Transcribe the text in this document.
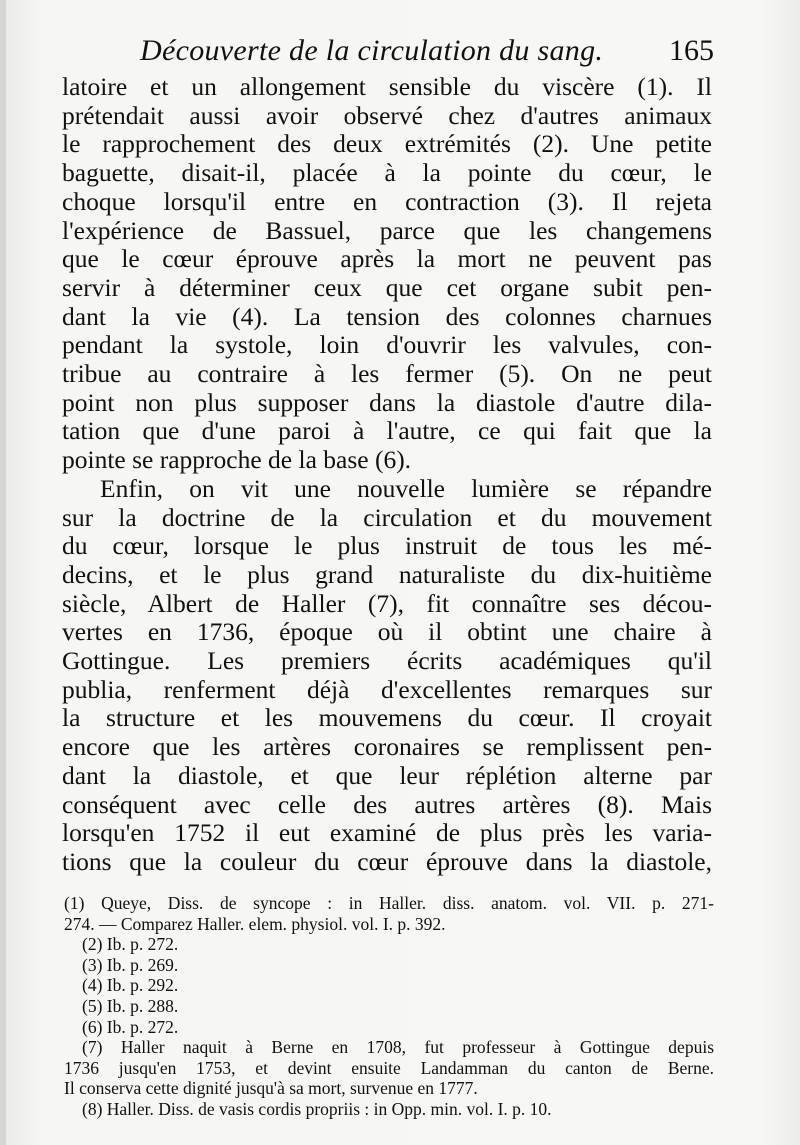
Découverte de la circulation du sang. 165
latoire et un allongement sensible du viscère (1). Il
prétendait aussi avoir observé chez d'autres animaux
le rapprochement des deux extrémités (2). Une petite
baguette, disait-il, placée à la pointe du cœur, le
choque lorsqu'il entre en contraction (3). Il rejeta
l'expérience de Bassuel, parce que les changemens
que le cœur éprouve après la mort ne peuvent pas
servir à déterminer ceux que cet organe subit pen-
dant la vie (4). La tension des colonnes charnues
pendant la systole, loin d'ouvrir les valvules, con-
tribue au contraire à les fermer (5). On ne peut
point non plus supposer dans la diastole d'autre dila-
tation que d'une paroi à l'autre, ce qui fait que la
pointe se rapproche de la base (6).
Enfin, on vit une nouvelle lumière se répandre
sur la doctrine de la circulation et du mouvement
du cœur, lorsque le plus instruit de tous les mé-
decins, et le plus grand naturaliste du dix-huitième
siècle, Albert de Haller (7), fit connaître ses décou-
vertes en 1736, époque où il obtint une chaire à
Gottingue. Les premiers écrits académiques qu'il
publia, renferment déjà d'excellentes remarques sur
la structure et les mouvemens du cœur. Il croyait
encore que les artères coronaires se remplissent pen-
dant la diastole, et que leur réplétion alterne par
conséquent avec celle des autres artères (8). Mais
lorsqu'en 1752 il eut examiné de plus près les varia-
tions que la couleur du cœur éprouve dans la diastole,
(1) Queye, Diss. de syncope : in Haller. diss. anatom. vol. VII. p. 271-
274. — Comparez Haller. elem. physiol. vol. I. p. 392.
(2) Ib. p. 272.
(3) Ib. p. 269.
(4) Ib. p. 292.
(5) Ib. p. 288.
(6) Ib. p. 272.
(7) Haller naquit à Berne en 1708, fut professeur à Gottingue depuis
1736 jusqu'en 1753, et devint ensuite Landamman du canton de Berne.
Il conserva cette dignité jusqu'à sa mort, survenue en 1777.
(8) Haller. Diss. de vasis cordis propriis : in Opp. min. vol. I. p. 10.
